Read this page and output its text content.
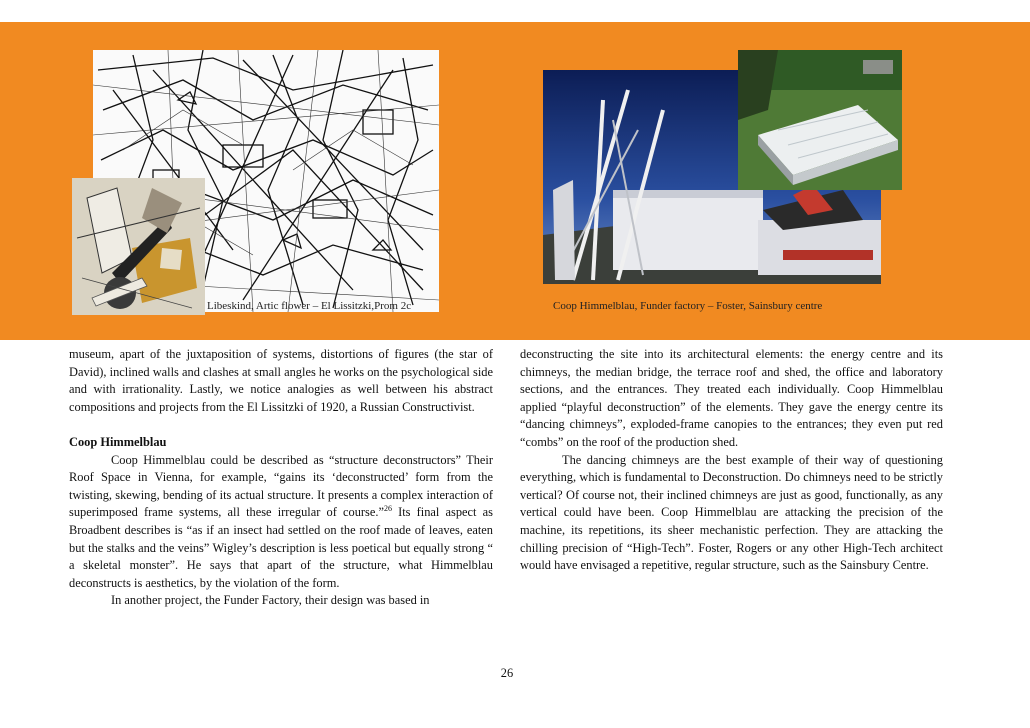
Libeskind, Artic flower – El Lissitzki,Prom 2c	Coop Himmelblau, Funder factory – Foster, Sainsbury centre

museum, apart of the juxtaposition of systems, distortions of figures (the star of David), inclined walls and clashes at small angles he works on the psychological side and with irrationality. Lastly, we notice analogies as well between his abstract compositions and projects from the El Lissitzki of 1920, a Russian Constructivist.

Coop Himmelblau

Coop Himmelblau could be described as “structure deconstructors” Their Roof Space in Vienna, for example, “gains its ‘deconstructed’ form from the twisting, skewing, bending of its actual structure. It presents a complex interaction of superimposed frame systems, all these irregular of course.”$^{26}$ Its final aspect as Broadbent describes is “as if an insect had settled on the roof made of leaves, eaten but the stalks and the veins” Wigley’s description is less poetical but equally strong “ a skeletal monster”. He says that apart of the structure, what Himmelblau deconstructs is aesthetics, by the violation of the form.

In another project, the Funder Factory, their design was based in

deconstructing the site into its architectural elements: the energy centre and its chimneys, the median bridge, the terrace roof and shed, the office and laboratory sections, and the entrances. They treated each individually. Coop Himmelblau applied “playful deconstruction” of the elements. They gave the energy centre its “dancing chimneys”, exploded-frame canopies to the entrances; they even put red “combs” on the roof of the production shed.

The dancing chimneys are the best example of their way of questioning everything, which is fundamental to Deconstruction. Do chimneys need to be strictly vertical? Of course not, their inclined chimneys are just as good, functionally, as any vertical could have been. Coop Himmelblau are attacking the precision of the machine, its repetitions, its sheer mechanistic perfection. They are attacking the chilling precision of “High-Tech”. Foster, Rogers or any other High-Tech architect would have envisaged a repetitive, regular structure, such as the Sainsbury Centre.

26
